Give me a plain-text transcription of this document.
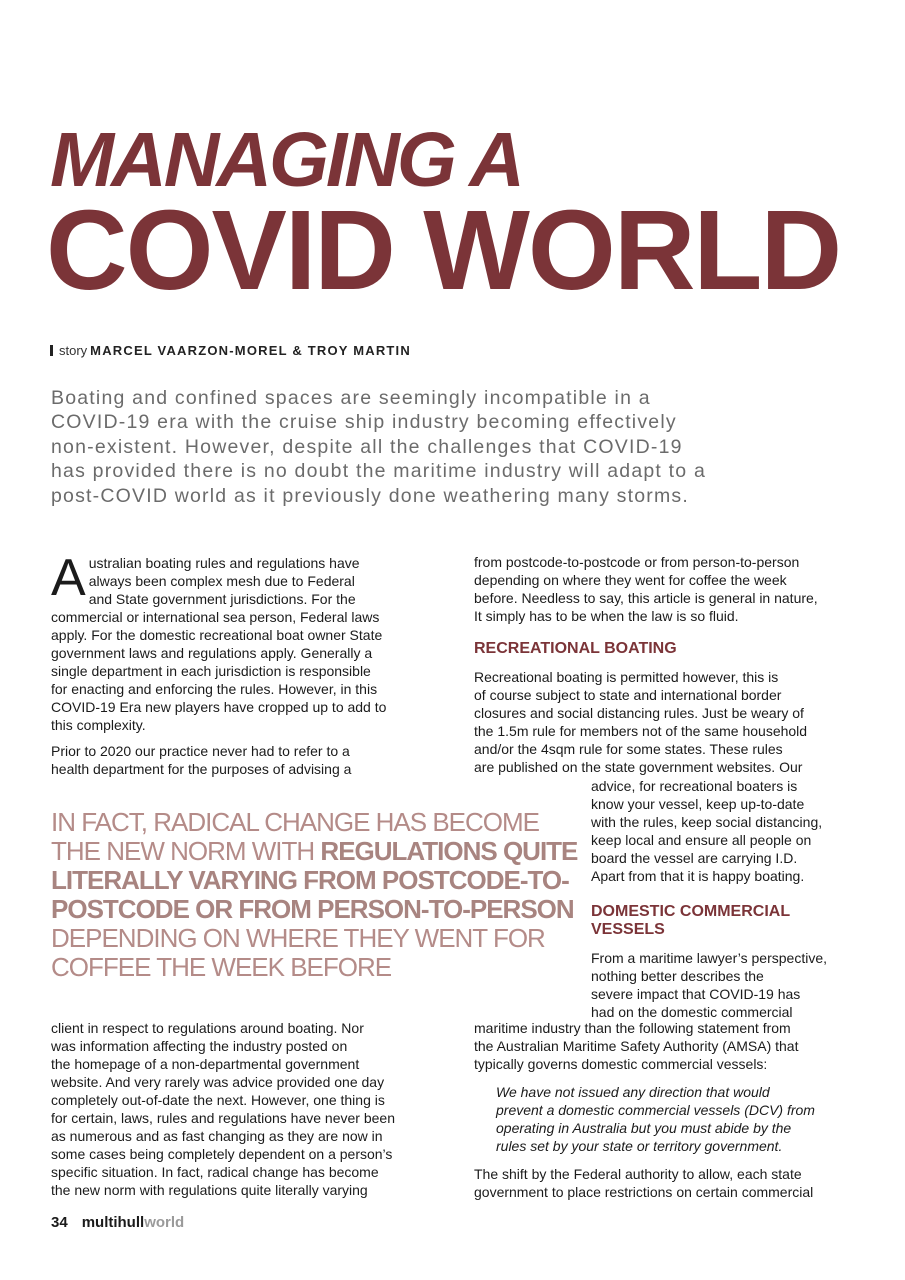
MANAGING A
COVID WORLD
story MARCEL VAARZON-MOREL & TROY MARTIN
Boating and confined spaces are seemingly incompatible in a
COVID-19 era with the cruise ship industry becoming effectively
non-existent. However, despite all the challenges that COVID-19
has provided there is no doubt the maritime industry will adapt to a
post-COVID world as it previously done weathering many storms.

A ustralian boating rules and regulations have
always been complex mesh due to Federal
and State government jurisdictions. For the
commercial or international sea person, Federal laws
apply. For the domestic recreational boat owner State
government laws and regulations apply. Generally a
single department in each jurisdiction is responsible
for enacting and enforcing the rules. However, in this
COVID-19 Era new players have cropped up to add to
this complexity.

Prior to 2020 our practice never had to refer to a
health department for the purposes of advising a

IN FACT, RADICAL CHANGE HAS BECOME
THE NEW NORM WITH REGULATIONS QUITE
LITERALLY VARYING FROM POSTCODE-TO-
POSTCODE OR FROM PERSON-TO-PERSON
DEPENDING ON WHERE THEY WENT FOR
COFFEE THE WEEK BEFORE

client in respect to regulations around boating. Nor
was information affecting the industry posted on
the homepage of a non-departmental government
website. And very rarely was advice provided one day
completely out-of-date the next. However, one thing is
for certain, laws, rules and regulations have never been
as numerous and as fast changing as they are now in
some cases being completely dependent on a person’s
specific situation. In fact, radical change has become
the new norm with regulations quite literally varying

from postcode-to-postcode or from person-to-person
depending on where they went for coffee the week
before. Needless to say, this article is general in nature,
It simply has to be when the law is so fluid.

RECREATIONAL BOATING

Recreational boating is permitted however, this is
of course subject to state and international border
closures and social distancing rules. Just be weary of
the 1.5m rule for members not of the same household
and/or the 4sqm rule for some states. These rules
are published on the state government websites. Our

advice, for recreational boaters is
know your vessel, keep up-to-date
with the rules, keep social distancing,
keep local and ensure all people on
board the vessel are carrying I.D.
Apart from that it is happy boating.

DOMESTIC COMMERCIAL
VESSELS

From a maritime lawyer’s perspective,
nothing better describes the
severe impact that COVID-19 has
had on the domestic commercial

maritime industry than the following statement from
the Australian Maritime Safety Authority (AMSA) that
typically governs domestic commercial vessels:

We have not issued any direction that would
prevent a domestic commercial vessels (DCV) from
operating in Australia but you must abide by the
rules set by your state or territory government.

The shift by the Federal authority to allow, each state
government to place restrictions on certain commercial

34 multihullworld
